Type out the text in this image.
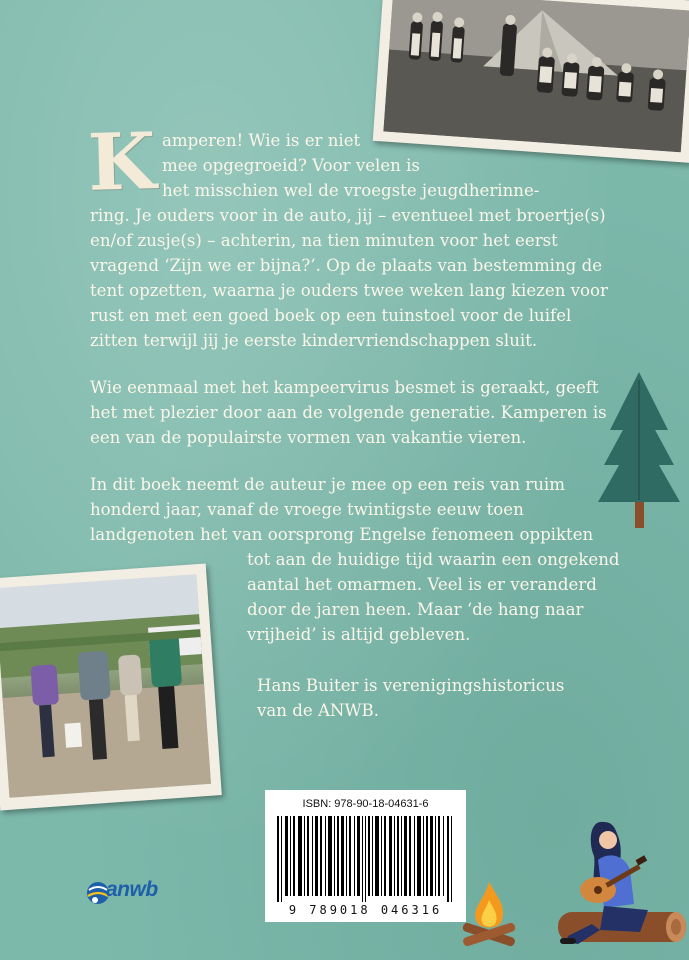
K amperen! Wie is er niet
mee opgegroeid? Voor velen is
het misschien wel de vroegste jeugdherinne-
ring. Je ouders voor in de auto, jij – eventueel met broertje(s)
en/of zusje(s) – achterin, na tien minuten voor het eerst
vragend ‘Zijn we er bijna?’. Op de plaats van bestemming de
tent opzetten, waarna je ouders twee weken lang kiezen voor
rust en met een goed boek op een tuinstoel voor de luifel
zitten terwijl jij je eerste kindervriendschappen sluit.
Wie eenmaal met het kampeervirus besmet is geraakt, geeft
het met plezier door aan de volgende generatie. Kamperen is
een van de populairste vormen van vakantie vieren.
In dit boek neemt de auteur je mee op een reis van ruim
honderd jaar, vanaf de vroege twintigste eeuw toen
landgenoten het van oorsprong Engelse fenomeen oppikten
tot aan de huidige tijd waarin een ongekend
aantal het omarmen. Veel is er veranderd
door de jaren heen. Maar ‘de hang naar
vrijheid’ is altijd gebleven.
Hans Buiter is verenigingshistoricus
van de ANWB.
ISBN: 978-90-18-04631-6
9 789018 046316
anwb
